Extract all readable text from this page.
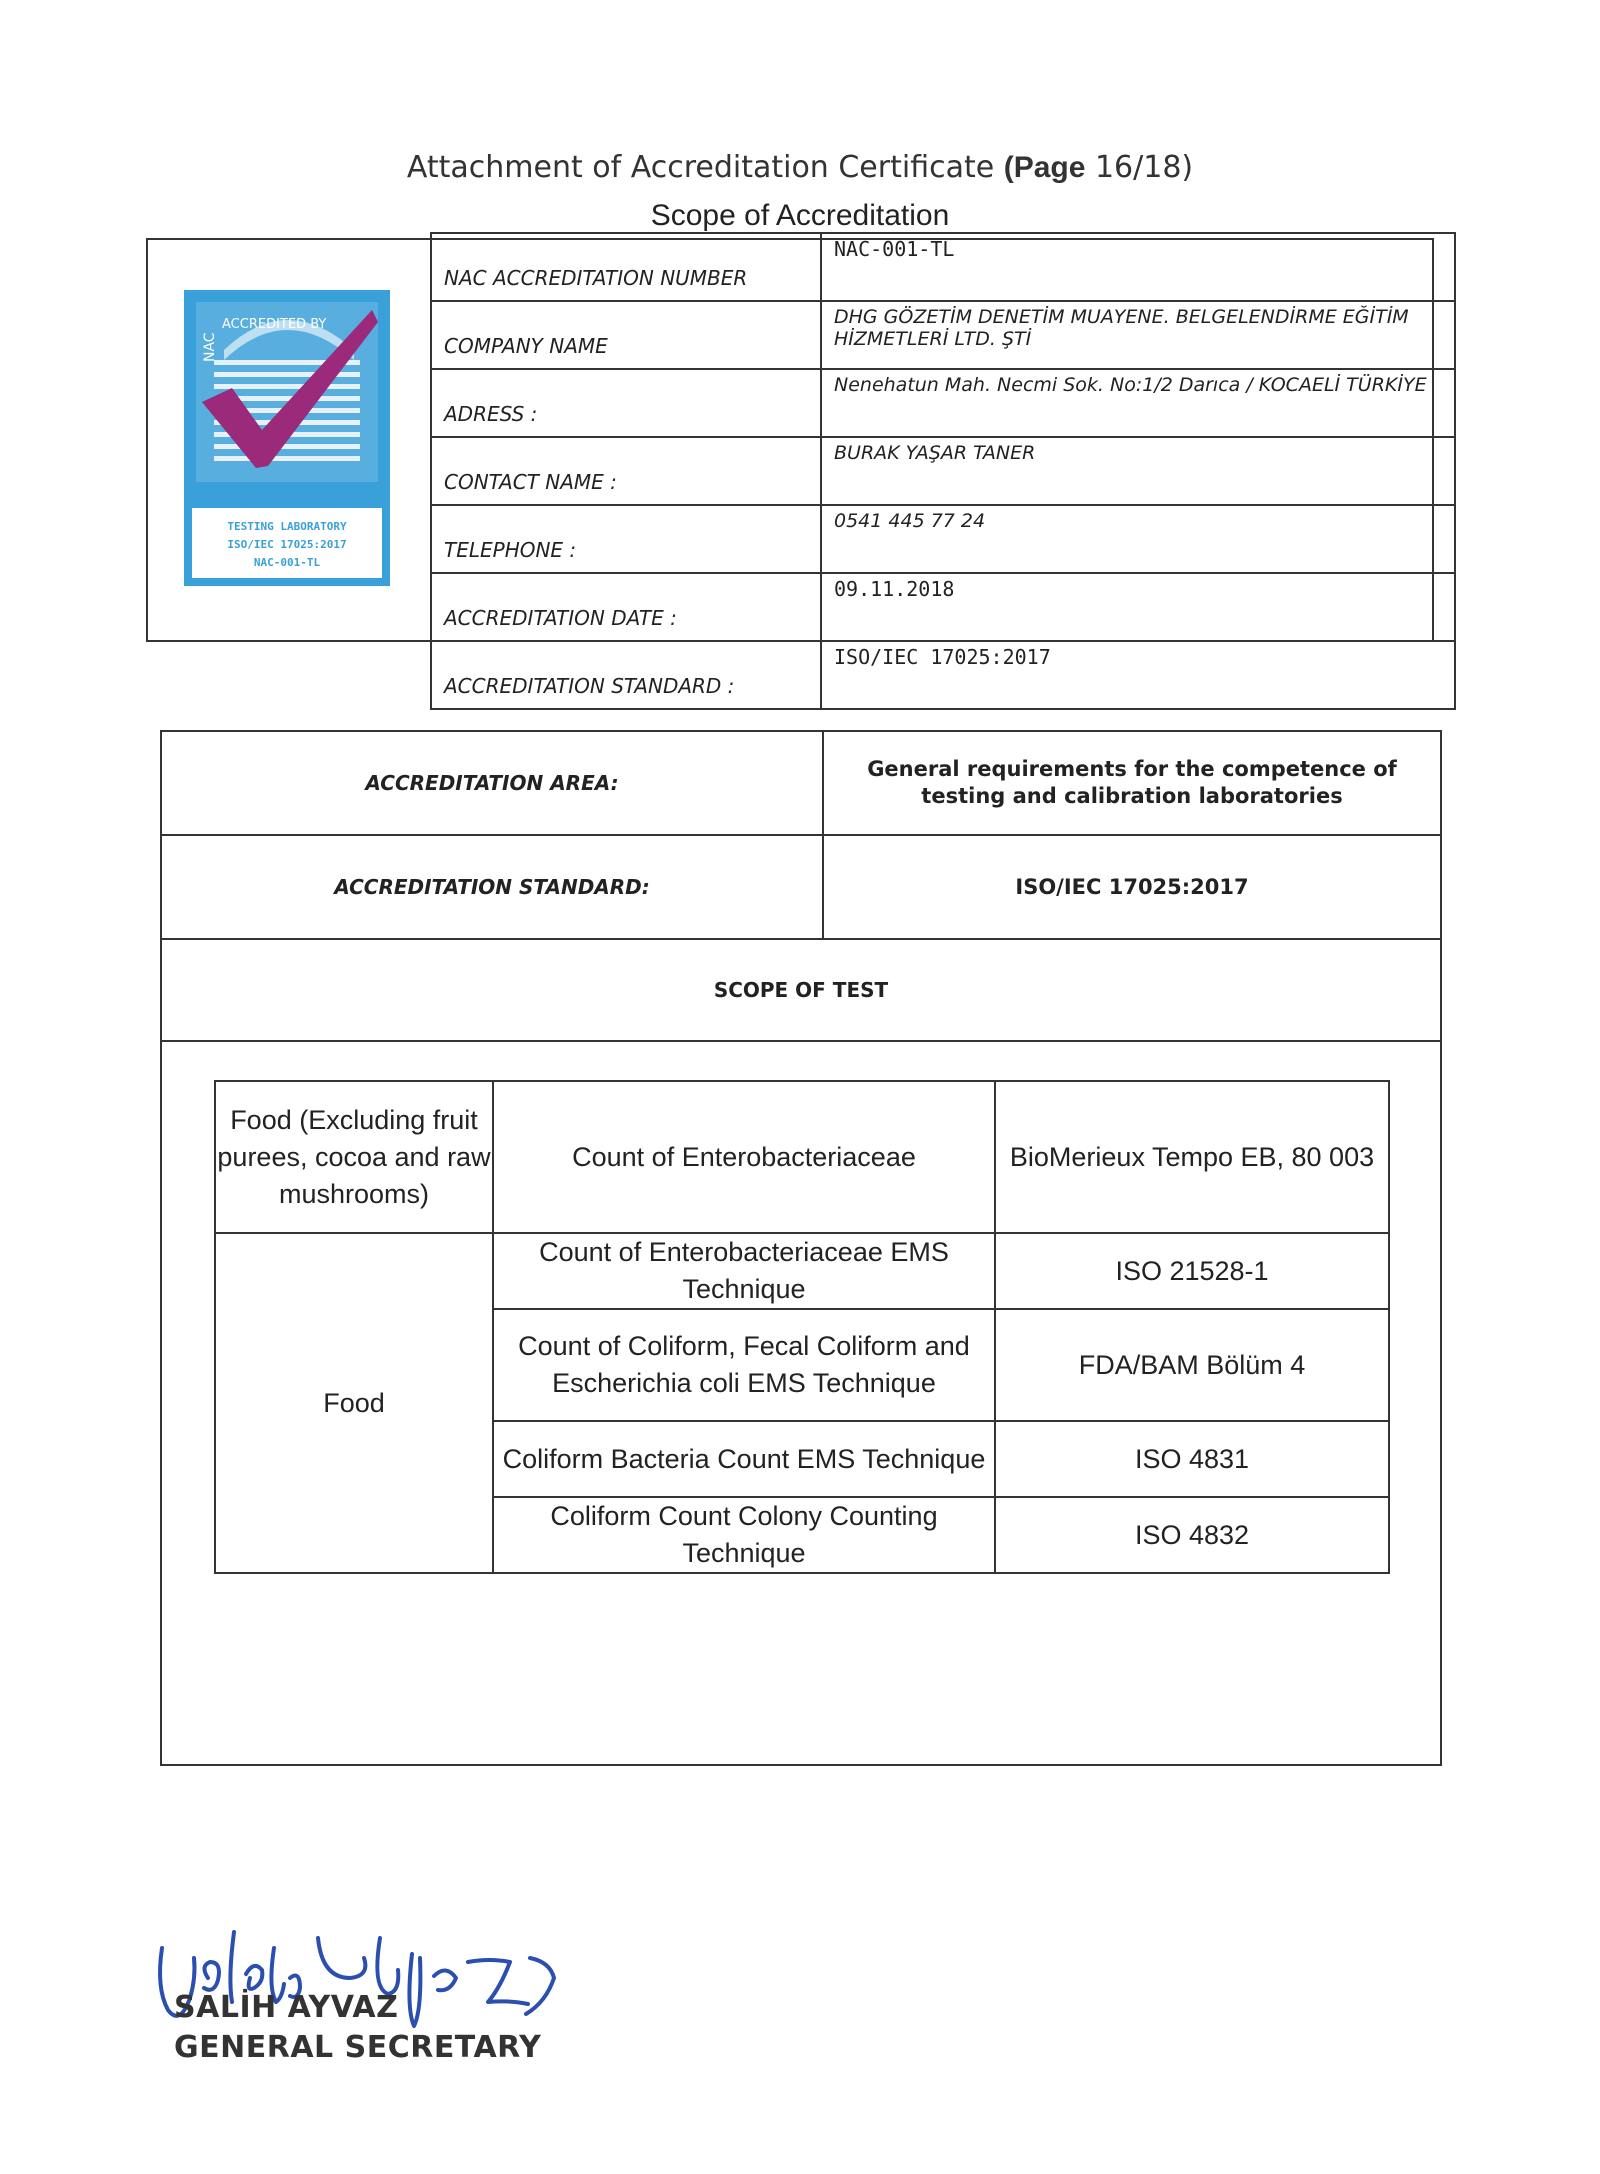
Attachment of Accreditation Certificate (Page 16/18)
Scope of Accreditation
ACCREDITED BY
NAC
TESTING LABORATORY
ISO/IEC 17025:2017
NAC-001-TL
NAC ACCREDITATION NUMBER	NAC-001-TL
COMPANY NAME	DHG GÖZETİM DENETİM MUAYENE. BELGELENDİRME EĞİTİM HİZMETLERİ LTD. ŞTİ
ADRESS :	Nenehatun Mah. Necmi Sok. No:1/2 Darıca / KOCAELİ TÜRKİYE
CONTACT NAME :	BURAK YAŞAR TANER
TELEPHONE :	0541 445 77 24
ACCREDITATION DATE :	09.11.2018
ACCREDITATION STANDARD :	ISO/IEC 17025:2017
ACCREDITATION AREA:	General requirements for the competence of testing and calibration laboratories
ACCREDITATION STANDARD:	ISO/IEC 17025:2017
SCOPE OF TEST	
Food (Excluding fruit purees, cocoa and raw mushrooms)	Count of Enterobacteriaceae	BioMerieux Tempo EB, 80 003
Food	Count of Enterobacteriaceae EMS Technique	ISO 21528-1
	Count of Coliform, Fecal Coliform and Escherichia coli EMS Technique	FDA/BAM Bölüm 4
	Coliform Bacteria Count EMS Technique	ISO 4831
	Coliform Count Colony Counting Technique	ISO 4832
SALİH AYVAZ
GENERAL SECRETARY
